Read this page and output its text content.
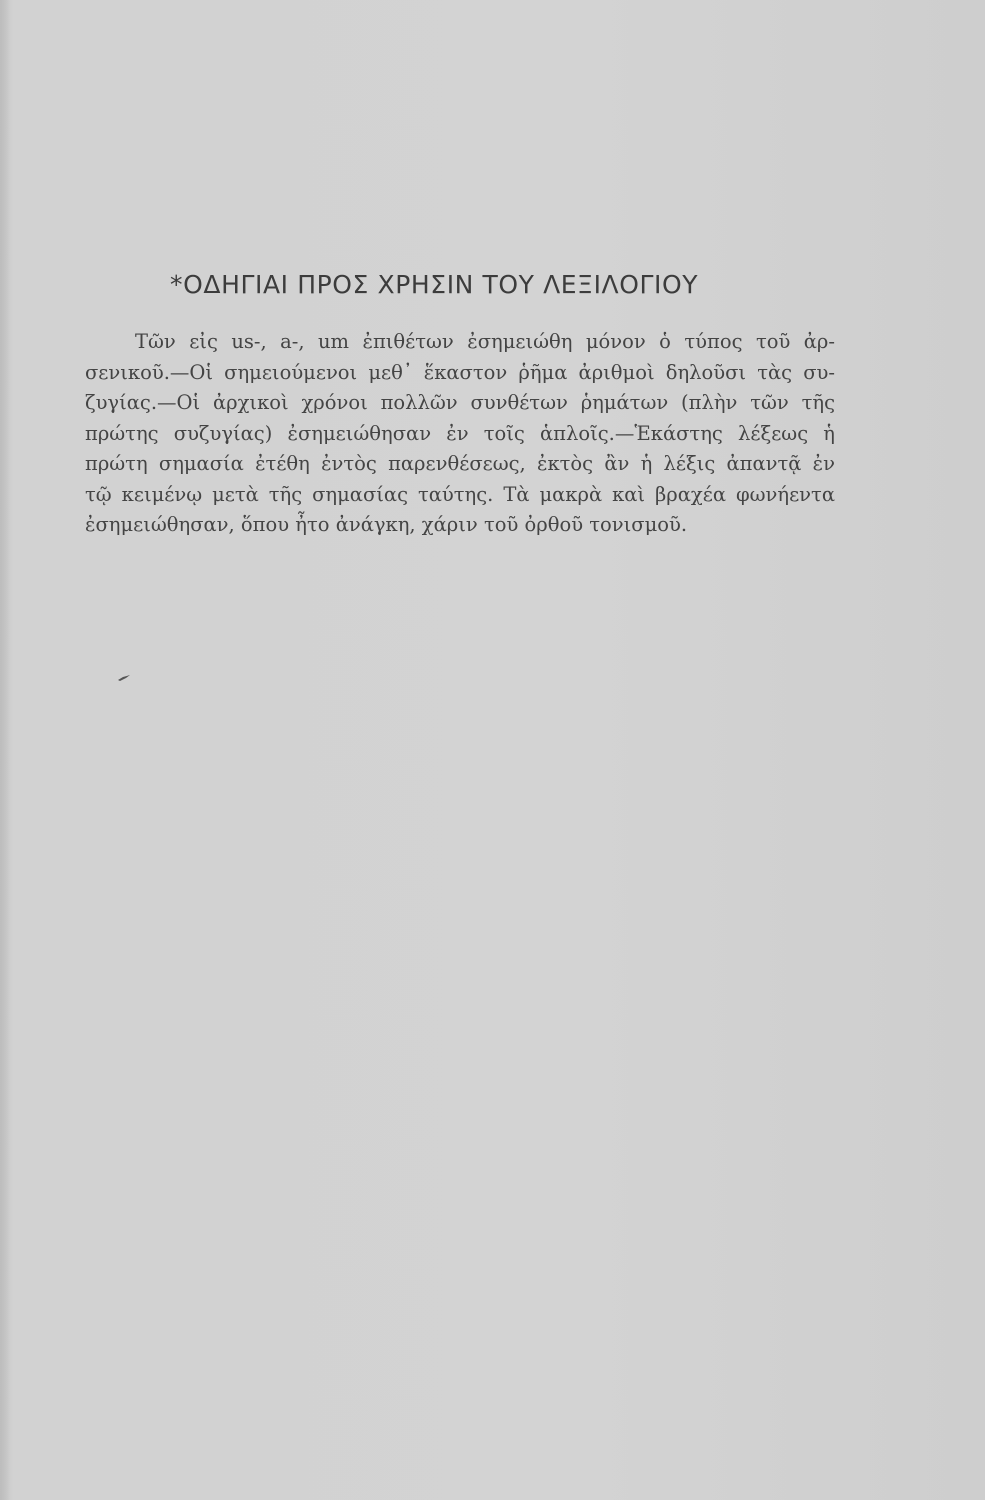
*ΟΔΗΓΙΑΙ ΠΡΟΣ ΧΡΗΣΙΝ ΤΟΥ ΛΕΞΙΛΟΓΙΟΥ
Τῶν εἰς us-, a-, um ἐπιθέτων ἐσημειώθη μόνον ὁ τύπος τοῦ ἀρ-
σενικοῦ.—Οἱ σημειούμενοι μεθ᾽ ἕκαστον ῥῆμα ἀριθμοὶ δηλοῦσι τὰς συ-
ζυγίας.—Οἱ ἀρχικοὶ χρόνοι πολλῶν συνθέτων ῥημάτων (πλὴν τῶν τῆς
πρώτης συζυγίας) ἐσημειώθησαν ἐν τοῖς ἁπλοῖς.—Ἑκάστης λέξεως ἡ
πρώτη σημασία ἐτέθη ἐντὸς παρενθέσεως, ἐκτὸς ἂν ἡ λέξις ἀπαντᾷ ἐν
τῷ κειμένῳ μετὰ τῆς σημασίας ταύτης. Τὰ μακρὰ καὶ βραχέα φωνήεντα
ἐσημειώθησαν, ὅπου ἦτο ἀνάγκη, χάριν τοῦ ὀρθοῦ τονισμοῦ.
